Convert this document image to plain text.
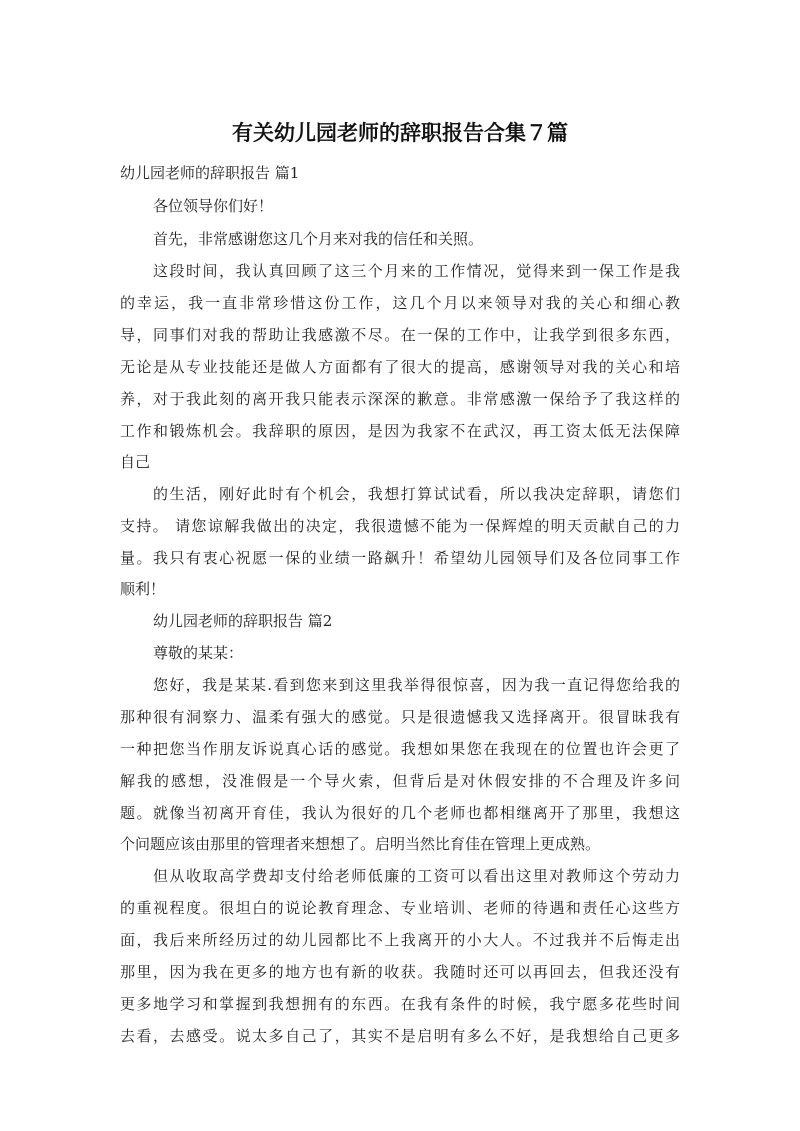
有关幼儿园老师的辞职报告合集７篇
幼儿园老师的辞职报告 篇1
各位领导你们好！
首先，非常感谢您这几个月来对我的信任和关照。
这段时间，我认真回顾了这三个月来的工作情况，觉得来到一保工作是我
的幸运，我一直非常珍惜这份工作，这几个月以来领导对我的关心和细心教
导，同事们对我的帮助让我感激不尽。在一保的工作中，让我学到很多东西，
无论是从专业技能还是做人方面都有了很大的提高，感谢领导对我的关心和培
养，对于我此刻的离开我只能表示深深的歉意。非常感激一保给予了我这样的
工作和锻炼机会。我辞职的原因，是因为我家不在武汉，再工资太低无法保障
自己
的生活，刚好此时有个机会，我想打算试试看，所以我决定辞职，请您们
支持。 请您谅解我做出的决定，我很遗憾不能为一保辉煌的明天贡献自己的力
量。我只有衷心祝愿一保的业绩一路飙升！希望幼儿园领导们及各位同事工作
顺利！
幼儿园老师的辞职报告 篇2
尊敬的某某：
您好，我是某某.看到您来到这里我举得很惊喜，因为我一直记得您给我的
那种很有洞察力、温柔有强大的感觉。只是很遗憾我又选择离开。很冒昧我有
一种把您当作朋友诉说真心话的感觉。我想如果您在我现在的位置也许会更了
解我的感想，没准假是一个导火索，但背后是对休假安排的不合理及许多问
题。就像当初离开育佳，我认为很好的几个老师也都相继离开了那里，我想这
个问题应该由那里的管理者来想想了。启明当然比育佳在管理上更成熟。
但从收取高学费却支付给老师低廉的工资可以看出这里对教师这个劳动力
的重视程度。很坦白的说论教育理念、专业培训、老师的待遇和责任心这些方
面，我后来所经历过的幼儿园都比不上我离开的小大人。不过我并不后悔走出
那里，因为我在更多的地方也有新的收获。我随时还可以再回去，但我还没有
更多地学习和掌握到我想拥有的东西。在我有条件的时候，我宁愿多花些时间
去看，去感受。说太多自己了，其实不是启明有多么不好，是我想给自己更多
